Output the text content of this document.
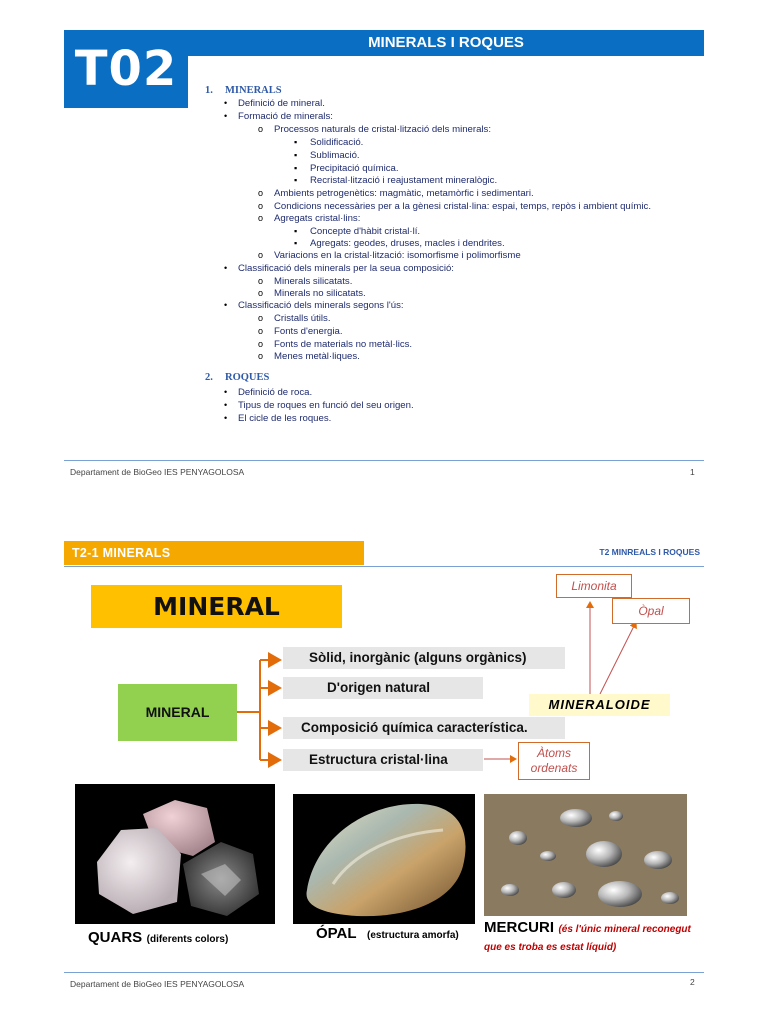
T02	MINERALS I ROQUES
1. MINERALS
• Definició de mineral.
• Formació de minerals:
o Processos naturals de cristal·lització dels minerals:
▪ Solidificació.
▪ Sublimació.
▪ Precipitació química.
▪ Recristal·lització i reajustament mineralògic.
o Ambients petrogenètics: magmàtic, metamòrfic i sedimentari.
o Condicions necessàries per a la gènesi cristal·lina: espai, temps, repòs i ambient químic.
o Agregats cristal·lins:
▪ Concepte d'hàbit cristal·lí.
▪ Agregats: geodes, druses, macles i dendrites.
o Variacions en la cristal·lització: isomorfisme i polimorfisme
• Classificació dels minerals per la seua composició:
o Minerals silicatats.
o Minerals no silicatats.
• Classificació dels minerals segons l'ús:
o Cristalls útils.
o Fonts d'energia.
o Fonts de materials no metàl·lics.
o Menes metàl·liques.
2. ROQUES
• Definició de roca.
• Tipus de roques en funció del seu origen.
• El cicle de les roques.
Departament de BioGeo IES PENYAGOLOSA	1
T2-1 MINERALS	T2 MINREALS I ROQUES
MINERAL
MINERAL
Sòlid, inorgànic (alguns orgànics)
D'origen natural
Composició química característica.
Estructura cristal·lina
MINERALOIDE
Limonita
Òpal
Àtoms ordenats
QUARS (diferents colors)	ÓPAL (estructura amorfa) MERCURI (és l'únic mineral reconegut que es troba es estat líquid)
Departament de BioGeo IES PENYAGOLOSA	2
